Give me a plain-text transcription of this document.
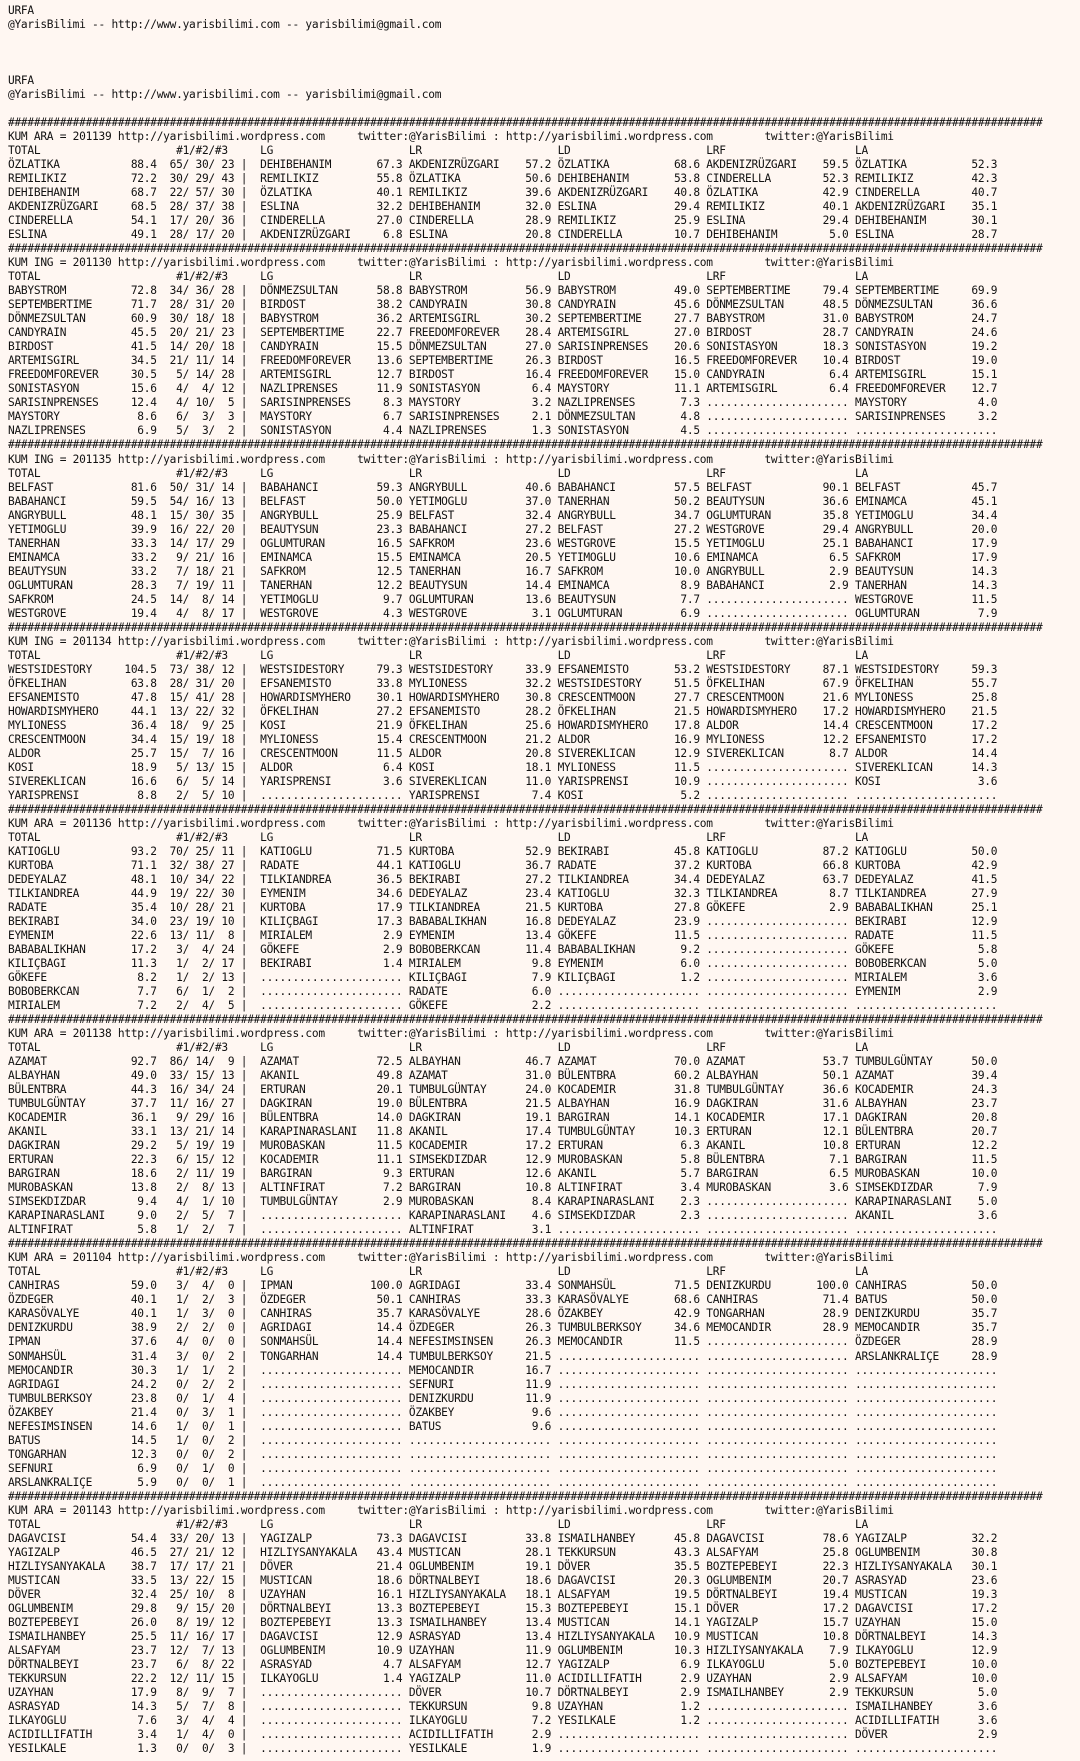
URFA
@YarisBilimi -- http://www.yarisbilimi.com -- yarisbilimi@gmail.com
URFA
@YarisBilimi -- http://www.yarisbilimi.com -- yarisbilimi@gmail.com
################################################################################################################################################################
KUM ARA = 201139 http://yarisbilimi.wordpress.com     twitter:@YarisBilimi : http://yarisbilimi.wordpress.com        twitter:@YarisBilimi
TOTAL                     #1/#2/#3     LG                     LR                     LD                     LRF                    LA
ÖZLATIKA           88.4  65/ 30/ 23 |  DEHIBEHANIM       67.3 AKDENIZRÜZGARI    57.2 ÖZLATIKA          68.6 AKDENIZRÜZGARI    59.5 ÖZLATIKA          52.3
REMILIKIZ          72.2  30/ 29/ 43 |  REMILIKIZ         55.8 ÖZLATIKA          50.6 DEHIBEHANIM       53.8 CINDERELLA        52.3 REMILIKIZ         42.3
DEHIBEHANIM        68.7  22/ 57/ 30 |  ÖZLATIKA          40.1 REMILIKIZ         39.6 AKDENIZRÜZGARI    40.8 ÖZLATIKA          42.9 CINDERELLA        40.7
AKDENIZRÜZGARI     68.5  28/ 37/ 38 |  ESLINA            32.2 DEHIBEHANIM       32.0 ESLINA            29.4 REMILIKIZ         40.1 AKDENIZRÜZGARI    35.1
CINDERELLA         54.1  17/ 20/ 36 |  CINDERELLA        27.0 CINDERELLA        28.9 REMILIKIZ         25.9 ESLINA            29.4 DEHIBEHANIM       30.1
ESLINA             49.1  28/ 17/ 20 |  AKDENIZRÜZGARI     6.8 ESLINA            20.8 CINDERELLA        10.7 DEHIBEHANIM        5.0 ESLINA            28.7
################################################################################################################################################################
KUM ING = 201130 http://yarisbilimi.wordpress.com     twitter:@YarisBilimi : http://yarisbilimi.wordpress.com        twitter:@YarisBilimi
TOTAL                     #1/#2/#3     LG                     LR                     LD                     LRF                    LA
BABYSTROM          72.8  34/ 36/ 28 |  DÖNMEZSULTAN      58.8 BABYSTROM         56.9 BABYSTROM         49.0 SEPTEMBERTIME     79.4 SEPTEMBERTIME     69.9
SEPTEMBERTIME      71.7  28/ 31/ 20 |  BIRDOST           38.2 CANDYRAIN         30.8 CANDYRAIN         45.6 DÖNMEZSULTAN      48.5 DÖNMEZSULTAN      36.6
DÖNMEZSULTAN       60.9  30/ 18/ 18 |  BABYSTROM         36.2 ARTEMISGIRL       30.2 SEPTEMBERTIME     27.7 BABYSTROM         31.0 BABYSTROM         24.7
CANDYRAIN          45.5  20/ 21/ 23 |  SEPTEMBERTIME     22.7 FREEDOMFOREVER    28.4 ARTEMISGIRL       27.0 BIRDOST           28.7 CANDYRAIN         24.6
BIRDOST            41.5  14/ 20/ 18 |  CANDYRAIN         15.5 DÖNMEZSULTAN      27.0 SARISINPRENSES    20.6 SONISTASYON       18.3 SONISTASYON       19.2
ARTEMISGIRL        34.5  21/ 11/ 14 |  FREEDOMFOREVER    13.6 SEPTEMBERTIME     26.3 BIRDOST           16.5 FREEDOMFOREVER    10.4 BIRDOST           19.0
FREEDOMFOREVER     30.5   5/ 14/ 28 |  ARTEMISGIRL       12.7 BIRDOST           16.4 FREEDOMFOREVER    15.0 CANDYRAIN          6.4 ARTEMISGIRL       15.1
SONISTASYON        15.6   4/  4/ 12 |  NAZLIPRENSES      11.9 SONISTASYON        6.4 MAYSTORY          11.1 ARTEMISGIRL        6.4 FREEDOMFOREVER    12.7
SARISINPRENSES     12.4   4/ 10/  5 |  SARISINPRENSES     8.3 MAYSTORY           3.2 NAZLIPRENSES       7.3 ...................... MAYSTORY           4.0
MAYSTORY            8.6   6/  3/  3 |  MAYSTORY           6.7 SARISINPRENSES     2.1 DÖNMEZSULTAN       4.8 ...................... SARISINPRENSES     3.2
NAZLIPRENSES        6.9   5/  3/  2 |  SONISTASYON        4.4 NAZLIPRENSES       1.3 SONISTASYON        4.5 ...................... ......................
################################################################################################################################################################
KUM ING = 201135 http://yarisbilimi.wordpress.com     twitter:@YarisBilimi : http://yarisbilimi.wordpress.com        twitter:@YarisBilimi
TOTAL                     #1/#2/#3     LG                     LR                     LD                     LRF                    LA
BELFAST            81.6  50/ 31/ 14 |  BABAHANCI         59.3 ANGRYBULL         40.6 BABAHANCI         57.5 BELFAST           90.1 BELFAST           45.7
BABAHANCI          59.5  54/ 16/ 13 |  BELFAST           50.0 YETIMOGLU         37.0 TANERHAN          50.2 BEAUTYSUN         36.6 EMINAMCA          45.1
ANGRYBULL          48.1  15/ 30/ 35 |  ANGRYBULL         25.9 BELFAST           32.4 ANGRYBULL         34.7 OGLUMTURAN        35.8 YETIMOGLU         34.4
YETIMOGLU          39.9  16/ 22/ 20 |  BEAUTYSUN         23.3 BABAHANCI         27.2 BELFAST           27.2 WESTGROVE         29.4 ANGRYBULL         20.0
TANERHAN           33.3  14/ 17/ 29 |  OGLUMTURAN        16.5 SAFKROM           23.6 WESTGROVE         15.5 YETIMOGLU         25.1 BABAHANCI         17.9
EMINAMCA           33.2   9/ 21/ 16 |  EMINAMCA          15.5 EMINAMCA          20.5 YETIMOGLU         10.6 EMINAMCA           6.5 SAFKROM           17.9
BEAUTYSUN          33.2   7/ 18/ 21 |  SAFKROM           12.5 TANERHAN          16.7 SAFKROM           10.0 ANGRYBULL          2.9 BEAUTYSUN         14.3
OGLUMTURAN         28.3   7/ 19/ 11 |  TANERHAN          12.2 BEAUTYSUN         14.4 EMINAMCA           8.9 BABAHANCI          2.9 TANERHAN          14.3
SAFKROM            24.5  14/  8/ 14 |  YETIMOGLU          9.7 OGLUMTURAN        13.6 BEAUTYSUN          7.7 ...................... WESTGROVE         11.5
WESTGROVE          19.4   4/  8/ 17 |  WESTGROVE          4.3 WESTGROVE          3.1 OGLUMTURAN         6.9 ...................... OGLUMTURAN         7.9
################################################################################################################################################################
KUM ING = 201134 http://yarisbilimi.wordpress.com     twitter:@YarisBilimi : http://yarisbilimi.wordpress.com        twitter:@YarisBilimi
TOTAL                     #1/#2/#3     LG                     LR                     LD                     LRF                    LA
WESTSIDESTORY     104.5  73/ 38/ 12 |  WESTSIDESTORY     79.3 WESTSIDESTORY     33.9 EFSANEMISTO       53.2 WESTSIDESTORY     87.1 WESTSIDESTORY     59.3
ÖFKELIHAN          63.8  28/ 31/ 20 |  EFSANEMISTO       33.8 MYLIONESS         32.2 WESTSIDESTORY     51.5 ÖFKELIHAN         67.9 ÖFKELIHAN         55.7
EFSANEMISTO        47.8  15/ 41/ 28 |  HOWARDISMYHERO    30.1 HOWARDISMYHERO    30.8 CRESCENTMOON      27.7 CRESCENTMOON      21.6 MYLIONESS         25.8
HOWARDISMYHERO     44.1  13/ 22/ 32 |  ÖFKELIHAN         27.2 EFSANEMISTO       28.2 ÖFKELIHAN         21.5 HOWARDISMYHERO    17.2 HOWARDISMYHERO    21.5
MYLIONESS          36.4  18/  9/ 25 |  KOSI              21.9 ÖFKELIHAN         25.6 HOWARDISMYHERO    17.8 ALDOR             14.4 CRESCENTMOON      17.2
CRESCENTMOON       34.4  15/ 19/ 18 |  MYLIONESS         15.4 CRESCENTMOON      21.2 ALDOR             16.9 MYLIONESS         12.2 EFSANEMISTO       17.2
ALDOR              25.7  15/  7/ 16 |  CRESCENTMOON      11.5 ALDOR             20.8 SIVEREKLICAN      12.9 SIVEREKLICAN       8.7 ALDOR             14.4
KOSI               18.9   5/ 13/ 15 |  ALDOR              6.4 KOSI              18.1 MYLIONESS         11.5 ...................... SIVEREKLICAN      14.3
SIVEREKLICAN       16.6   6/  5/ 14 |  YARISPRENSI        3.6 SIVEREKLICAN      11.0 YARISPRENSI       10.9 ...................... KOSI               3.6
YARISPRENSI         8.8   2/  5/ 10 |  ...................... YARISPRENSI        7.4 KOSI               5.2 ...................... ......................
################################################################################################################################################################
KUM ARA = 201136 http://yarisbilimi.wordpress.com     twitter:@YarisBilimi : http://yarisbilimi.wordpress.com        twitter:@YarisBilimi
TOTAL                     #1/#2/#3     LG                     LR                     LD                     LRF                    LA
KATIOGLU           93.2  70/ 25/ 11 |  KATIOGLU          71.5 KURTOBA           52.9 BEKIRABI          45.8 KATIOGLU          87.2 KATIOGLU          50.0
KURTOBA            71.1  32/ 38/ 27 |  RADATE            44.1 KATIOGLU          36.7 RADATE            37.2 KURTOBA           66.8 KURTOBA           42.9
DEDEYALAZ          48.1  10/ 34/ 22 |  TILKIANDREA       36.5 BEKIRABI          27.2 TILKIANDREA       34.4 DEDEYALAZ         63.7 DEDEYALAZ         41.5
TILKIANDREA        44.9  19/ 22/ 30 |  EYMENIM           34.6 DEDEYALAZ         23.4 KATIOGLU          32.3 TILKIANDREA        8.7 TILKIANDREA       27.9
RADATE             35.4  10/ 28/ 21 |  KURTOBA           17.9 TILKIANDREA       21.5 KURTOBA           27.8 GÖKEFE             2.9 BABABALIKHAN      25.1
BEKIRABI           34.0  23/ 19/ 10 |  KILIÇBAGI         17.3 BABABALIKHAN      16.8 DEDEYALAZ         23.9 ...................... BEKIRABI          12.9
EYMENIM            22.6  13/ 11/  8 |  MIRIALEM           2.9 EYMENIM           13.4 GÖKEFE            11.5 ...................... RADATE            11.5
BABABALIKHAN       17.2   3/  4/ 24 |  GÖKEFE             2.9 BOBOBERKCAN       11.4 BABABALIKHAN       9.2 ...................... GÖKEFE             5.8
KILIÇBAGI          11.3   1/  2/ 17 |  BEKIRABI           1.4 MIRIALEM           9.8 EYMENIM            6.0 ...................... BOBOBERKCAN        5.0
GÖKEFE              8.2   1/  2/ 13 |  ...................... KILIÇBAGI          7.9 KILIÇBAGI          1.2 ...................... MIRIALEM           3.6
BOBOBERKCAN         7.7   6/  1/  2 |  ...................... RADATE             6.0 ...................... ...................... EYMENIM            2.9
MIRIALEM            7.2   2/  4/  5 |  ...................... GÖKEFE             2.2 ...................... ...................... ......................
################################################################################################################################################################
KUM ARA = 201138 http://yarisbilimi.wordpress.com     twitter:@YarisBilimi : http://yarisbilimi.wordpress.com        twitter:@YarisBilimi
TOTAL                     #1/#2/#3     LG                     LR                     LD                     LRF                    LA
AZAMAT             92.7  86/ 14/  9 |  AZAMAT            72.5 ALBAYHAN          46.7 AZAMAT            70.0 AZAMAT            53.7 TUMBULGÜNTAY      50.0
ALBAYHAN           49.0  33/ 15/ 13 |  AKANIL            49.8 AZAMAT            31.0 BÜLENTBRA         60.2 ALBAYHAN          50.1 AZAMAT            39.4
BÜLENTBRA          44.3  16/ 34/ 24 |  ERTURAN           20.1 TUMBULGÜNTAY      24.0 KOCADEMIR         31.8 TUMBULGÜNTAY      36.6 KOCADEMIR         24.3
TUMBULGÜNTAY       37.7  11/ 16/ 27 |  DAGKIRAN          19.0 BÜLENTBRA         21.5 ALBAYHAN          16.9 DAGKIRAN          31.6 ALBAYHAN          23.7
KOCADEMIR          36.1   9/ 29/ 16 |  BÜLENTBRA         14.0 DAGKIRAN          19.1 BARGIRAN          14.1 KOCADEMIR         17.1 DAGKIRAN          20.8
AKANIL             33.1  13/ 21/ 14 |  KARAPINARASLANI   11.8 AKANIL            17.4 TUMBULGÜNTAY      10.3 ERTURAN           12.1 BÜLENTBRA         20.7
DAGKIRAN           29.2   5/ 19/ 19 |  MUROBASKAN        11.5 KOCADEMIR         17.2 ERTURAN            6.3 AKANIL            10.8 ERTURAN           12.2
ERTURAN            22.3   6/ 15/ 12 |  KOCADEMIR         11.1 SIMSEKDIZDAR      12.9 MUROBASKAN         5.8 BÜLENTBRA          7.1 BARGIRAN          11.5
BARGIRAN           18.6   2/ 11/ 19 |  BARGIRAN           9.3 ERTURAN           12.6 AKANIL             5.7 BARGIRAN           6.5 MUROBASKAN        10.0
MUROBASKAN         13.8   2/  8/ 13 |  ALTINFIRAT         7.2 BARGIRAN          10.8 ALTINFIRAT         3.4 MUROBASKAN         3.6 SIMSEKDIZDAR       7.9
SIMSEKDIZDAR        9.4   4/  1/ 10 |  TUMBULGÜNTAY       2.9 MUROBASKAN         8.4 KARAPINARASLANI    2.3 ...................... KARAPINARASLANI    5.0
KARAPINARASLANI     9.0   2/  5/  7 |  ...................... KARAPINARASLANI    4.6 SIMSEKDIZDAR       2.3 ...................... AKANIL             3.6
ALTINFIRAT          5.8   1/  2/  7 |  ...................... ALTINFIRAT         3.1 ...................... ...................... ......................
################################################################################################################################################################
KUM ARA = 201104 http://yarisbilimi.wordpress.com     twitter:@YarisBilimi : http://yarisbilimi.wordpress.com        twitter:@YarisBilimi
TOTAL                     #1/#2/#3     LG                     LR                     LD                     LRF                    LA
CANHIRAS           59.0   3/  4/  0 |  IPMAN            100.0 AGRIDAGI          33.4 SONMAHSÜL         71.5 DENIZKURDU       100.0 CANHIRAS          50.0
ÖZDEGER            40.1   1/  2/  3 |  ÖZDEGER           50.1 CANHIRAS          33.3 KARASÖVALYE       68.6 CANHIRAS          71.4 BATUS             50.0
KARASÖVALYE        40.1   1/  3/  0 |  CANHIRAS          35.7 KARASÖVALYE       28.6 ÖZAKBEY           42.9 TONGARHAN         28.9 DENIZKURDU        35.7
DENIZKURDU         38.9   2/  2/  0 |  AGRIDAGI          14.4 ÖZDEGER           26.3 TUMBULBERKSOY     34.6 MEMOCANDIR        28.9 MEMOCANDIR        35.7
IPMAN              37.6   4/  0/  0 |  SONMAHSÜL         14.4 NEFESIMSINSEN     26.3 MEMOCANDIR        11.5 ...................... ÖZDEGER           28.9
SONMAHSÜL          31.4   3/  0/  2 |  TONGARHAN         14.4 TUMBULBERKSOY     21.5 ...................... ...................... ARSLANKRALIÇE     28.9
MEMOCANDIR         30.3   1/  1/  2 |  ...................... MEMOCANDIR        16.7 ...................... ...................... ......................
AGRIDAGI           24.2   0/  2/  2 |  ...................... SEFNURI           11.9 ...................... ...................... ......................
TUMBULBERKSOY      23.8   0/  1/  4 |  ...................... DENIZKURDU        11.9 ...................... ...................... ......................
ÖZAKBEY            21.4   0/  3/  1 |  ...................... ÖZAKBEY            9.6 ...................... ...................... ......................
NEFESIMSINSEN      14.6   1/  0/  1 |  ...................... BATUS              9.6 ...................... ...................... ......................
BATUS              14.5   1/  0/  2 |  ...................... ...................... ...................... ...................... ......................
TONGARHAN          12.3   0/  0/  2 |  ...................... ...................... ...................... ...................... ......................
SEFNURI             6.9   0/  1/  0 |  ...................... ...................... ...................... ...................... ......................
ARSLANKRALIÇE       5.9   0/  0/  1 |  ...................... ...................... ...................... ...................... ......................
################################################################################################################################################################
KUM ARA = 201143 http://yarisbilimi.wordpress.com     twitter:@YarisBilimi : http://yarisbilimi.wordpress.com        twitter:@YarisBilimi
TOTAL                     #1/#2/#3     LG                     LR                     LD                     LRF                    LA
DAGAVCISI          54.4  33/ 20/ 13 |  YAGIZALP          73.3 DAGAVCISI         33.8 ISMAILHANBEY      45.8 DAGAVCISI         78.6 YAGIZALP          32.2
YAGIZALP           46.5  27/ 21/ 12 |  HIZLIYSANYAKALA   43.4 MUSTICAN          28.1 TEKKURSUN         43.3 ALSAFYAM          25.8 OGLUMBENIM        30.8
HIZLIYSANYAKALA    38.7  17/ 17/ 21 |  DÖVER             21.4 OGLUMBENIM        19.1 DÖVER             35.5 BOZTEPEBEYI       22.3 HIZLIYSANYAKALA   30.1
MUSTICAN           33.5  13/ 22/ 15 |  MUSTICAN          18.6 DÖRTNALBEYI       18.6 DAGAVCISI         20.3 OGLUMBENIM        20.7 ASRASYAD          23.6
DÖVER              32.4  25/ 10/  8 |  UZAYHAN           16.1 HIZLIYSANYAKALA   18.1 ALSAFYAM          19.5 DÖRTNALBEYI       19.4 MUSTICAN          19.3
OGLUMBENIM         29.8   9/ 15/ 20 |  DÖRTNALBEYI       13.3 BOZTEPEBEYI       15.3 BOZTEPEBEYI       15.1 DÖVER             17.2 DAGAVCISI         17.2
BOZTEPEBEYI        26.0   8/ 19/ 12 |  BOZTEPEBEYI       13.3 ISMAILHANBEY      13.4 MUSTICAN          14.1 YAGIZALP          15.7 UZAYHAN           15.0
ISMAILHANBEY       25.5  11/ 16/ 17 |  DAGAVCISI         12.9 ASRASYAD          13.4 HIZLIYSANYAKALA   10.9 MUSTICAN          10.8 DÖRTNALBEYI       14.3
ALSAFYAM           23.7  12/  7/ 13 |  OGLUMBENIM        10.9 UZAYHAN           11.9 OGLUMBENIM        10.3 HIZLIYSANYAKALA    7.9 ILKAYOGLU         12.9
DÖRTNALBEYI        23.7   6/  8/ 22 |  ASRASYAD           4.7 ALSAFYAM          12.7 YAGIZALP           6.9 ILKAYOGLU          5.0 BOZTEPEBEYI       10.0
TEKKURSUN          22.2  12/ 11/ 15 |  ILKAYOGLU          1.4 YAGIZALP          11.0 ACIDILLIFATIH      2.9 UZAYHAN            2.9 ALSAFYAM          10.0
UZAYHAN            17.9   8/  9/  7 |  ...................... DÖVER             10.7 DÖRTNALBEYI        2.9 ISMAILHANBEY       2.9 TEKKURSUN          5.0
ASRASYAD           14.3   5/  7/  8 |  ...................... TEKKURSUN          9.8 UZAYHAN            1.2 ...................... ISMAILHANBEY       3.6
ILKAYOGLU           7.6   3/  4/  4 |  ...................... ILKAYOGLU          7.2 YESILKALE          1.2 ...................... ACIDILLIFATIH      3.6
ACIDILLIFATIH       3.4   1/  4/  0 |  ...................... ACIDILLIFATIH      2.9 ...................... ...................... DÖVER              2.9
YESILKALE           1.3   0/  0/  3 |  ...................... YESILKALE          1.9 ...................... ...................... ......................
